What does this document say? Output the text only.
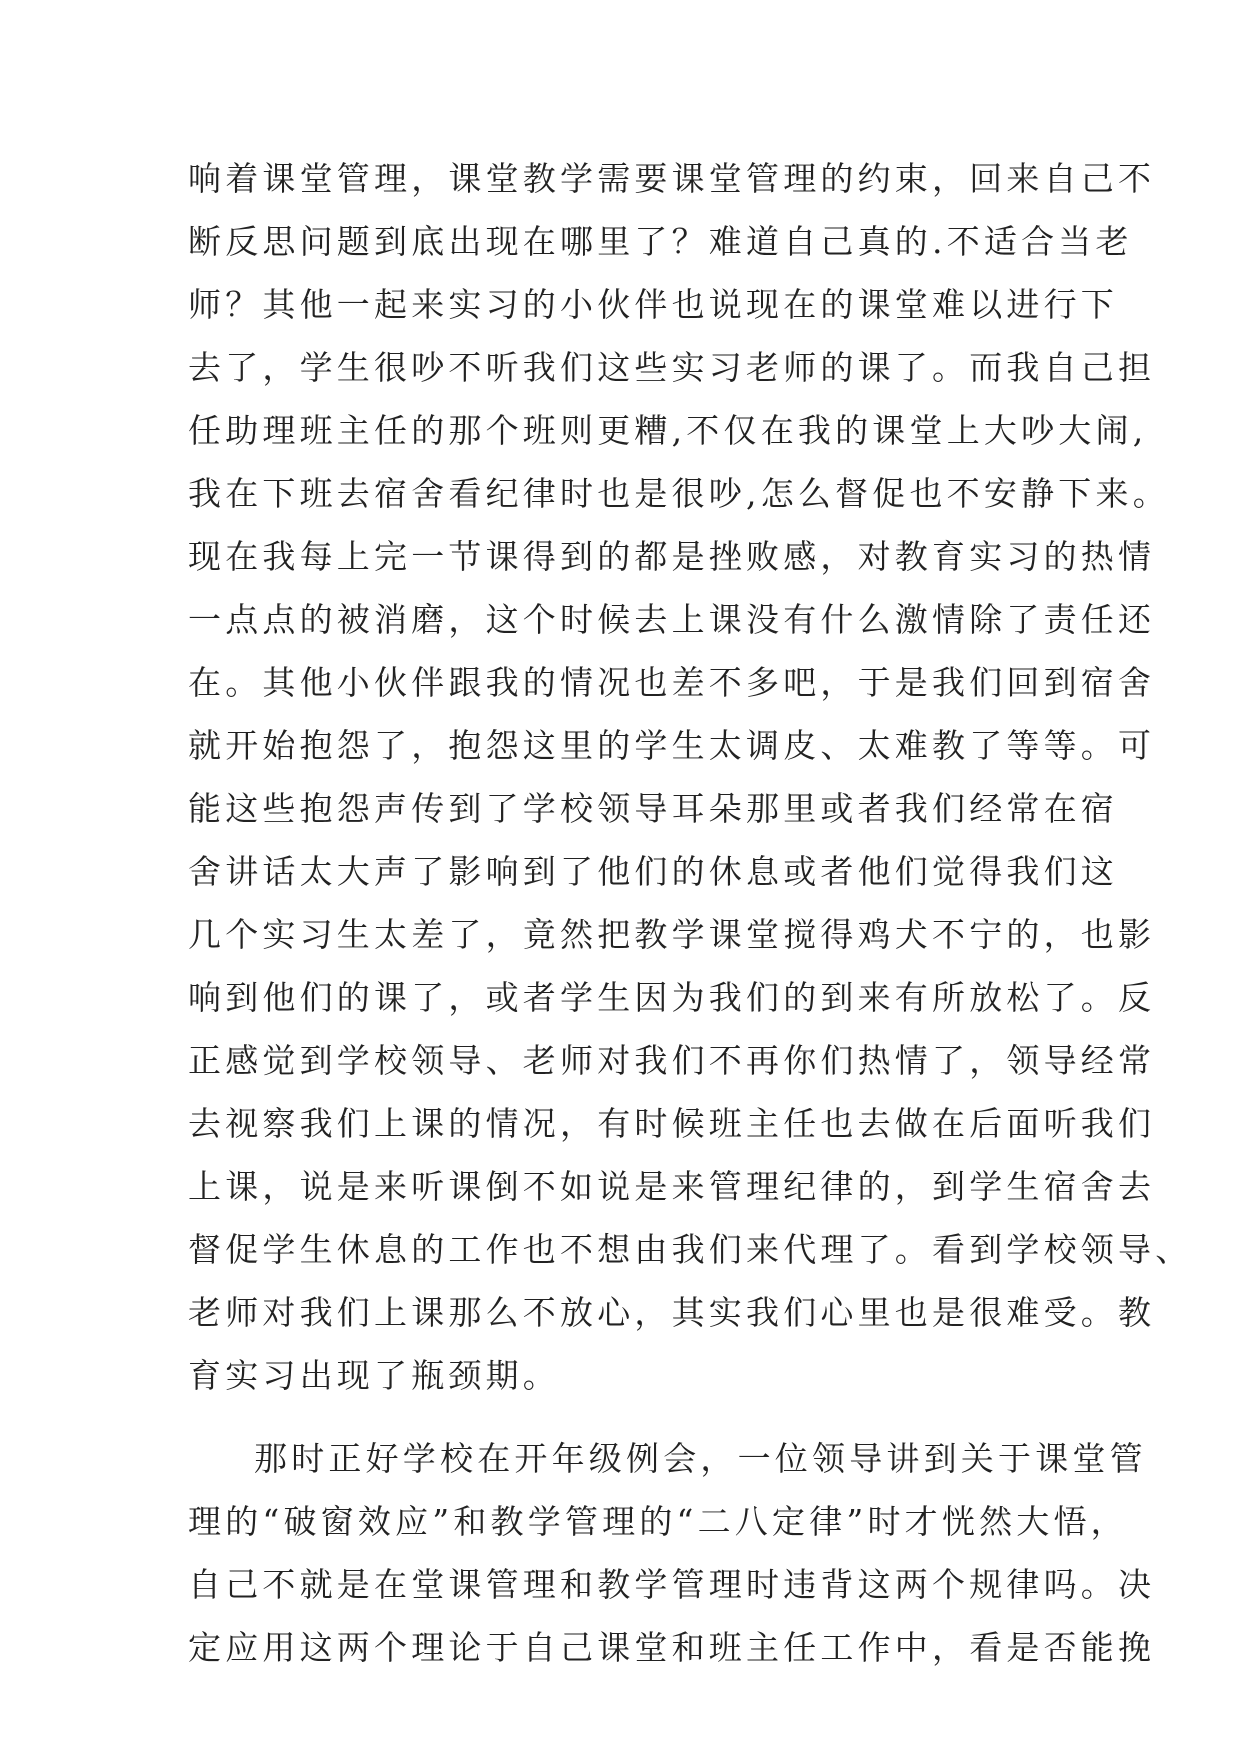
响着课堂管理，课堂教学需要课堂管理的约束，回来自己不
断反思问题到底出现在哪里了？难道自己真的.不适合当老
师？其他一起来实习的小伙伴也说现在的课堂难以进行下
去了，学生很吵不听我们这些实习老师的课了。而我自己担
任助理班主任的那个班则更糟,不仅在我的课堂上大吵大闹,
我在下班去宿舍看纪律时也是很吵,怎么督促也不安静下来。
现在我每上完一节课得到的都是挫败感，对教育实习的热情
一点点的被消磨，这个时候去上课没有什么激情除了责任还
在。其他小伙伴跟我的情况也差不多吧，于是我们回到宿舍
就开始抱怨了，抱怨这里的学生太调皮、太难教了等等。可
能这些抱怨声传到了学校领导耳朵那里或者我们经常在宿
舍讲话太大声了影响到了他们的休息或者他们觉得我们这
几个实习生太差了，竟然把教学课堂搅得鸡犬不宁的，也影
响到他们的课了，或者学生因为我们的到来有所放松了。反
正感觉到学校领导、老师对我们不再你们热情了，领导经常
去视察我们上课的情况，有时候班主任也去做在后面听我们
上课，说是来听课倒不如说是来管理纪律的，到学生宿舍去
督促学生休息的工作也不想由我们来代理了。看到学校领导、
老师对我们上课那么不放心，其实我们心里也是很难受。教
育实习出现了瓶颈期。
那时正好学校在开年级例会，一位领导讲到关于课堂管
理的“破窗效应”和教学管理的“二八定律”时才恍然大悟，
自己不就是在堂课管理和教学管理时违背这两个规律吗。决
定应用这两个理论于自己课堂和班主任工作中，看是否能挽
